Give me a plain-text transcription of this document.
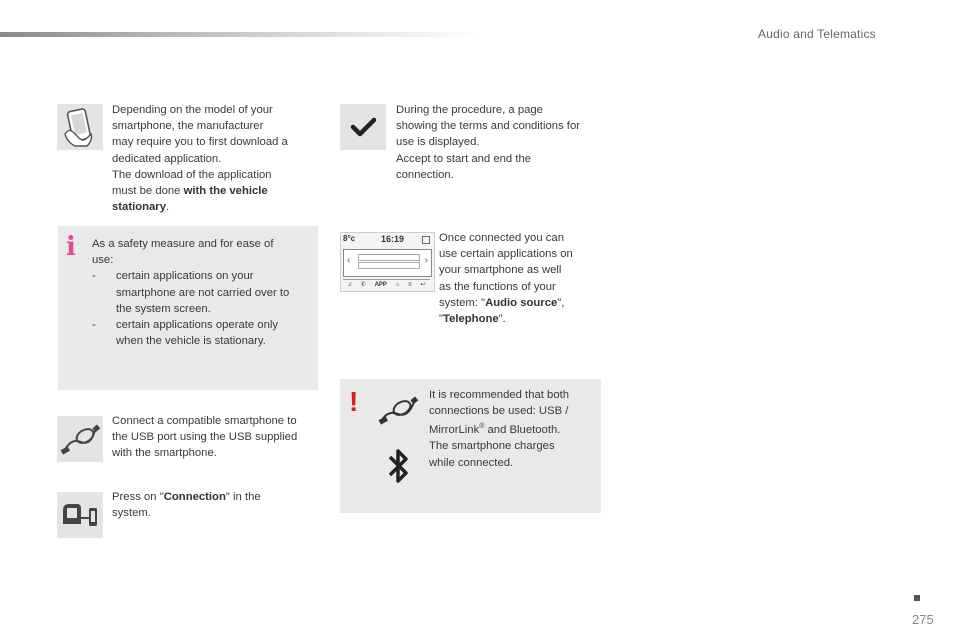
Audio and Telematics
Depending on the model of your
smartphone, the manufacturer
may require you to first download a
dedicated application.
The download of the application
must be done with the vehicle
stationary.
i As a safety measure and for ease of
use:
-	certain applications on your
smartphone are not carried over to
the system screen.
-	certain applications operate only
when the vehicle is stationary.
Connect a compatible smartphone to
the USB port using the USB supplied
with the smartphone.
Press on "Connection" in the
system.
During the procedure, a page
showing the terms and conditions for
use is displayed.
Accept to start and end the
connection.
8°c	16:19
‹	›
♫ ✆ APP ⌂ ≡ ↩
Once connected you can
use certain applications on
your smartphone as well
as the functions of your
system: "Audio source",
"Telephone".
!	It is recommended that both
connections be used: USB /
MirrorLink® and Bluetooth.
The smartphone charges
while connected.
275
